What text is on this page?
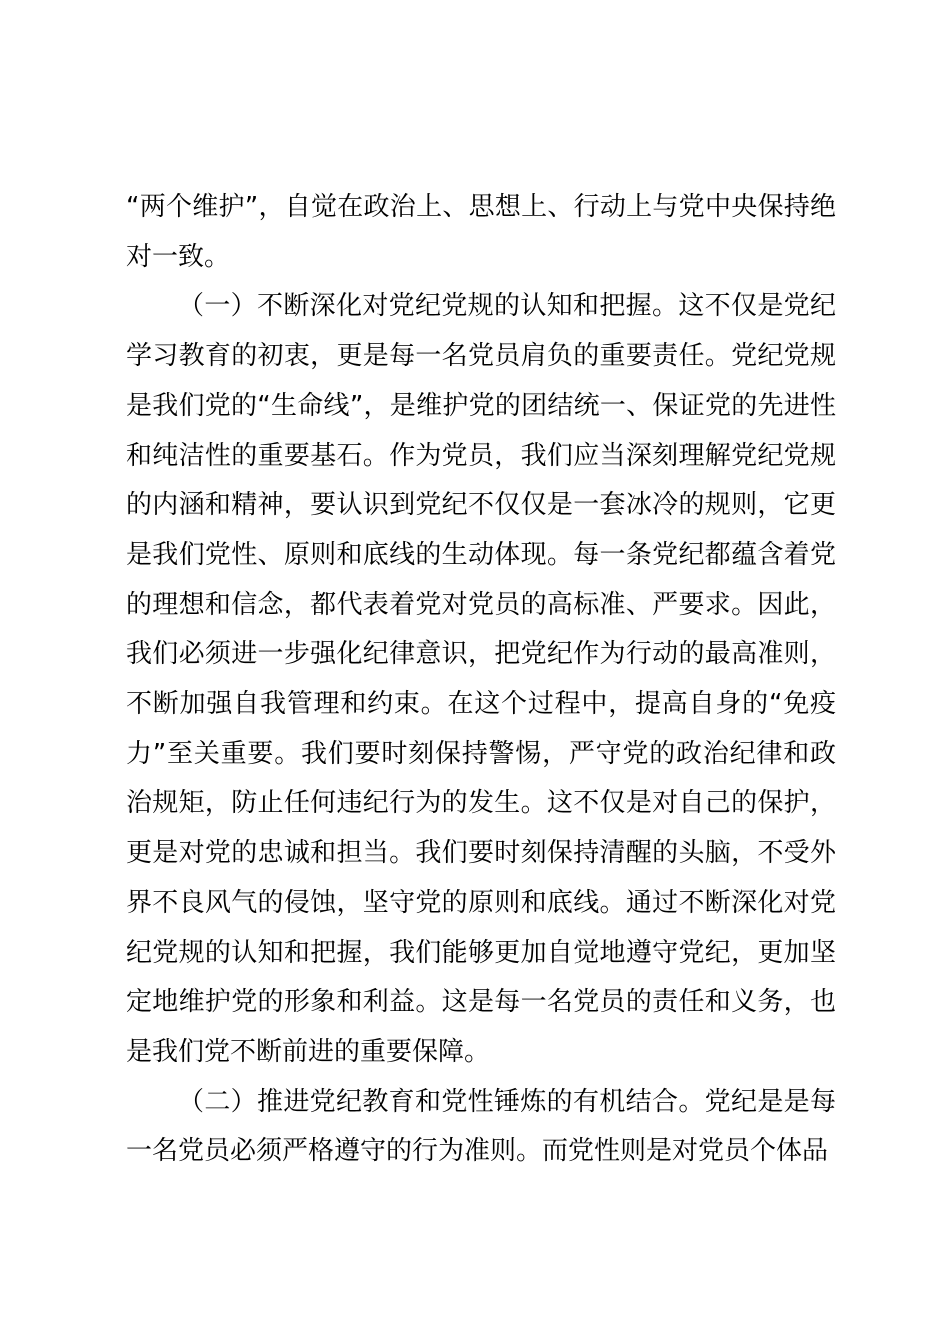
“两个维护”，自觉在政治上、思想上、行动上与党中央保持绝对一致。

（一）不断深化对党纪党规的认知和把握。这不仅是党纪学习教育的初衷，更是每一名党员肩负的重要责任。党纪党规是我们党的“生命线”，是维护党的团结统一、保证党的先进性和纯洁性的重要基石。作为党员，我们应当深刻理解党纪党规的内涵和精神，要认识到党纪不仅仅是一套冰冷的规则，它更是我们党性、原则和底线的生动体现。每一条党纪都蕴含着党的理想和信念，都代表着党对党员的高标准、严要求。因此，我们必须进一步强化纪律意识，把党纪作为行动的最高准则，不断加强自我管理和约束。在这个过程中，提高自身的“免疫力”至关重要。我们要时刻保持警惕，严守党的政治纪律和政治规矩，防止任何违纪行为的发生。这不仅是对自己的保护，更是对党的忠诚和担当。我们要时刻保持清醒的头脑，不受外界不良风气的侵蚀，坚守党的原则和底线。通过不断深化对党纪党规的认知和把握，我们能够更加自觉地遵守党纪，更加坚定地维护党的形象和利益。这是每一名党员的责任和义务，也是我们党不断前进的重要保障。

（二）推进党纪教育和党性锤炼的有机结合。党纪是是每一名党员必须严格遵守的行为准则。而党性则是对党员个体品
